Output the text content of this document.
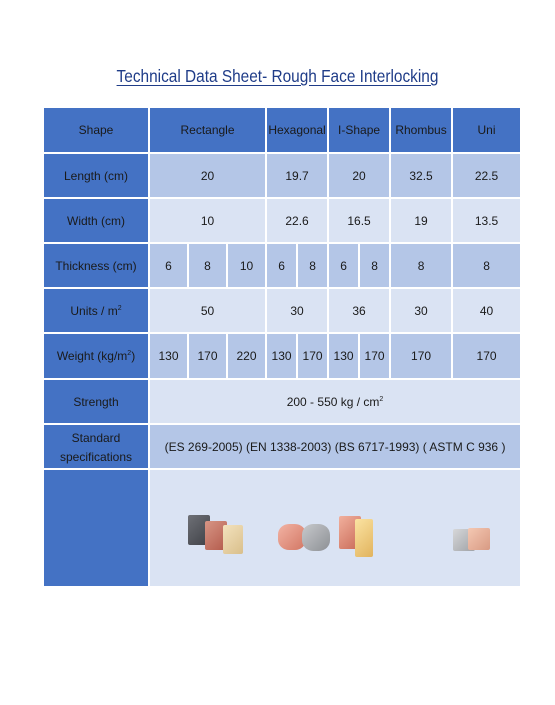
Technical Data Sheet- Rough Face Interlocking
Shape	Rectangle			Hexagonal		I-Shape		Rhombus	Uni
Length (cm)	20			19.7		20		32.5	22.5
Width (cm)	10			22.6		16.5		19	13.5
Thickness (cm)	6	8	10	6	8	6	8	8	8
Units / $m^2$	50			30		36		30	40
Weight $(kg/m^2)$	130	170	220	130	170	130	170	170	170
Strength	200 - 550 kg / $cm^2$
Standard specifications	(ES 269-2005) (EN 1338-2003) (BS 6717-1993) ( ASTM C 936 )								
